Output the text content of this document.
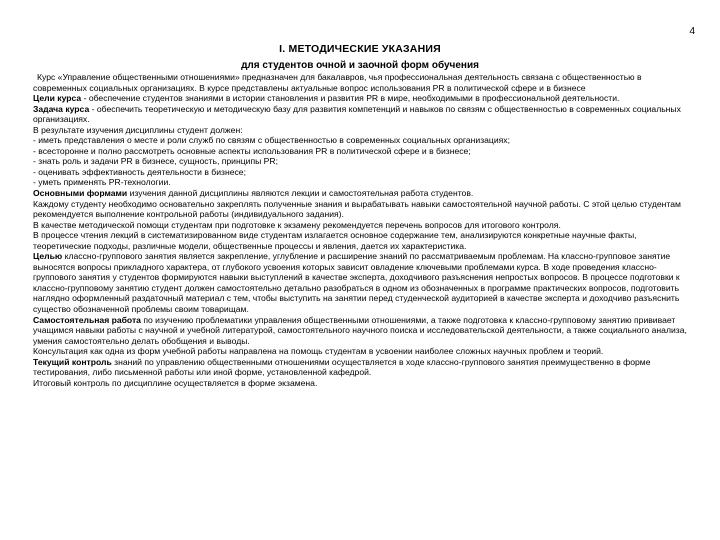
4
I. МЕТОДИЧЕСКИЕ УКАЗАНИЯ
для студентов очной и заочной форм обучения

Курс «Управление общественными отношениями» предназначен для бакалавров, чья профессиональная деятельность связана с общественностью в современных социальных организациях. В курсе представлены актуальные вопрос использования PR в политической сфере и в бизнесе

Цели курса - обеспечение студентов знаниями в истории становления и развития PR в мире, необходимыми в профессиональной деятельности.

Задача курса - обеспечить теоретическую и методическую базу для развития компетенций и навыков по связям с общественностью в современных социальных организациях.

В результате изучения дисциплины студент должен:

- иметь представления о месте и роли служб по связям с общественностью в современных социальных организациях;

- всесторонне и полно рассмотреть основные аспекты использования PR в политической сфере и в бизнесе;

- знать роль и задачи PR в бизнесе, сущность, принципы PR;

- оценивать эффективность деятельности в бизнесе;

- уметь применять PR-технологии.

Основными формами изучения данной дисциплины являются лекции и самостоятельная работа студентов.

Каждому студенту необходимо основательно закреплять полученные знания и вырабатывать навыки самостоятельной научной работы. С этой целью студентам рекомендуется выполнение контрольной работы (индивидуального задания).

В качестве методической помощи студентам при подготовке к экзамену рекомендуется перечень вопросов для итогового контроля.

В процессе чтения лекций в систематизированном виде студентам излагается основное содержание тем, анализируются конкретные научные факты, теоретические подходы, различные модели, общественные процессы и явления, дается их характеристика.

Целью классно-группового занятия является закрепление, углубление и расширение знаний по рассматриваемым проблемам. На классно-групповое занятие выносятся вопросы прикладного характера, от глубокого усвоения которых зависит овладение ключевыми проблемами курса. В ходе проведения классно-группового занятия у студентов формируются навыки выступлений в качестве эксперта, доходчивого разъяснения непростых вопросов. В процессе подготовки к классно-групповому занятию студент должен самостоятельно детально разобраться в одном из обозначенных в программе практических вопросов, подготовить наглядно оформленный раздаточный материал с тем, чтобы выступить на занятии перед студенческой аудиторией в качестве эксперта и доходчиво разъяснить существо обозначенной проблемы своим товарищам.

Самостоятельная работа по изучению проблематики управления общественными отношениями, а также подготовка к классно-групповому занятию прививает учащимся навыки работы с научной и учебной литературой, самостоятельного научного поиска и исследовательской деятельности, а также социального анализа, умения самостоятельно делать обобщения и выводы.

Консультация как одна из форм учебной работы направлена на помощь студентам в усвоении наиболее сложных научных проблем и теорий.

Текущий контроль знаний по управлению общественными отношениями осуществляется в ходе классно-группового занятия преимущественно в форме тестирования, либо письменной работы или иной форме, установленной кафедрой.

Итоговый контроль по дисциплине осуществляется в форме экзамена.
